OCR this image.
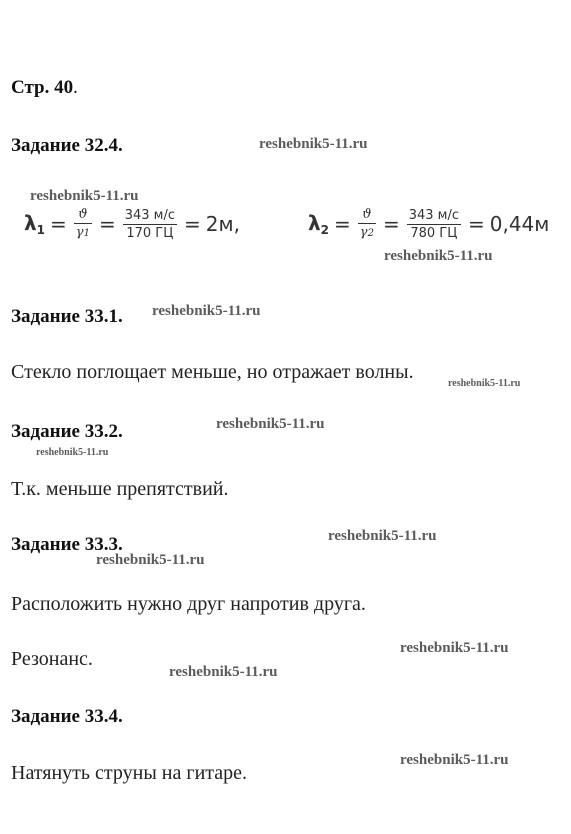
Стр. 40.
Задание 32.4.	reshebnik5-11.ru
reshebnik5-11.ru
$\lambda_1 = \frac{ϑ}{\gamma 1} = \frac{343 м/с}{170 ГЦ} = 2м$,	$\lambda_2 = \frac{ϑ}{\gamma 2} = \frac{343 м/с}{780 ГЦ} = 0,44м$
reshebnik5-11.ru
Задание 33.1. reshebnik5-11.ru
Стекло поглощает меньше, но отражает волны.
reshebnik5-11.ru
Задание 33.2.	reshebnik5-11.ru
reshebnik5-11.ru
Т.к. меньше препятствий.
Задание 33.3.	reshebnik5-11.ru
reshebnik5-11.ru
Расположить нужно друг напротив друга.
Резонанс.	reshebnik5-11.ru
reshebnik5-11.ru
Задание 33.4.
Натянуть струны на гитаре.
reshebnik5-11.ru
